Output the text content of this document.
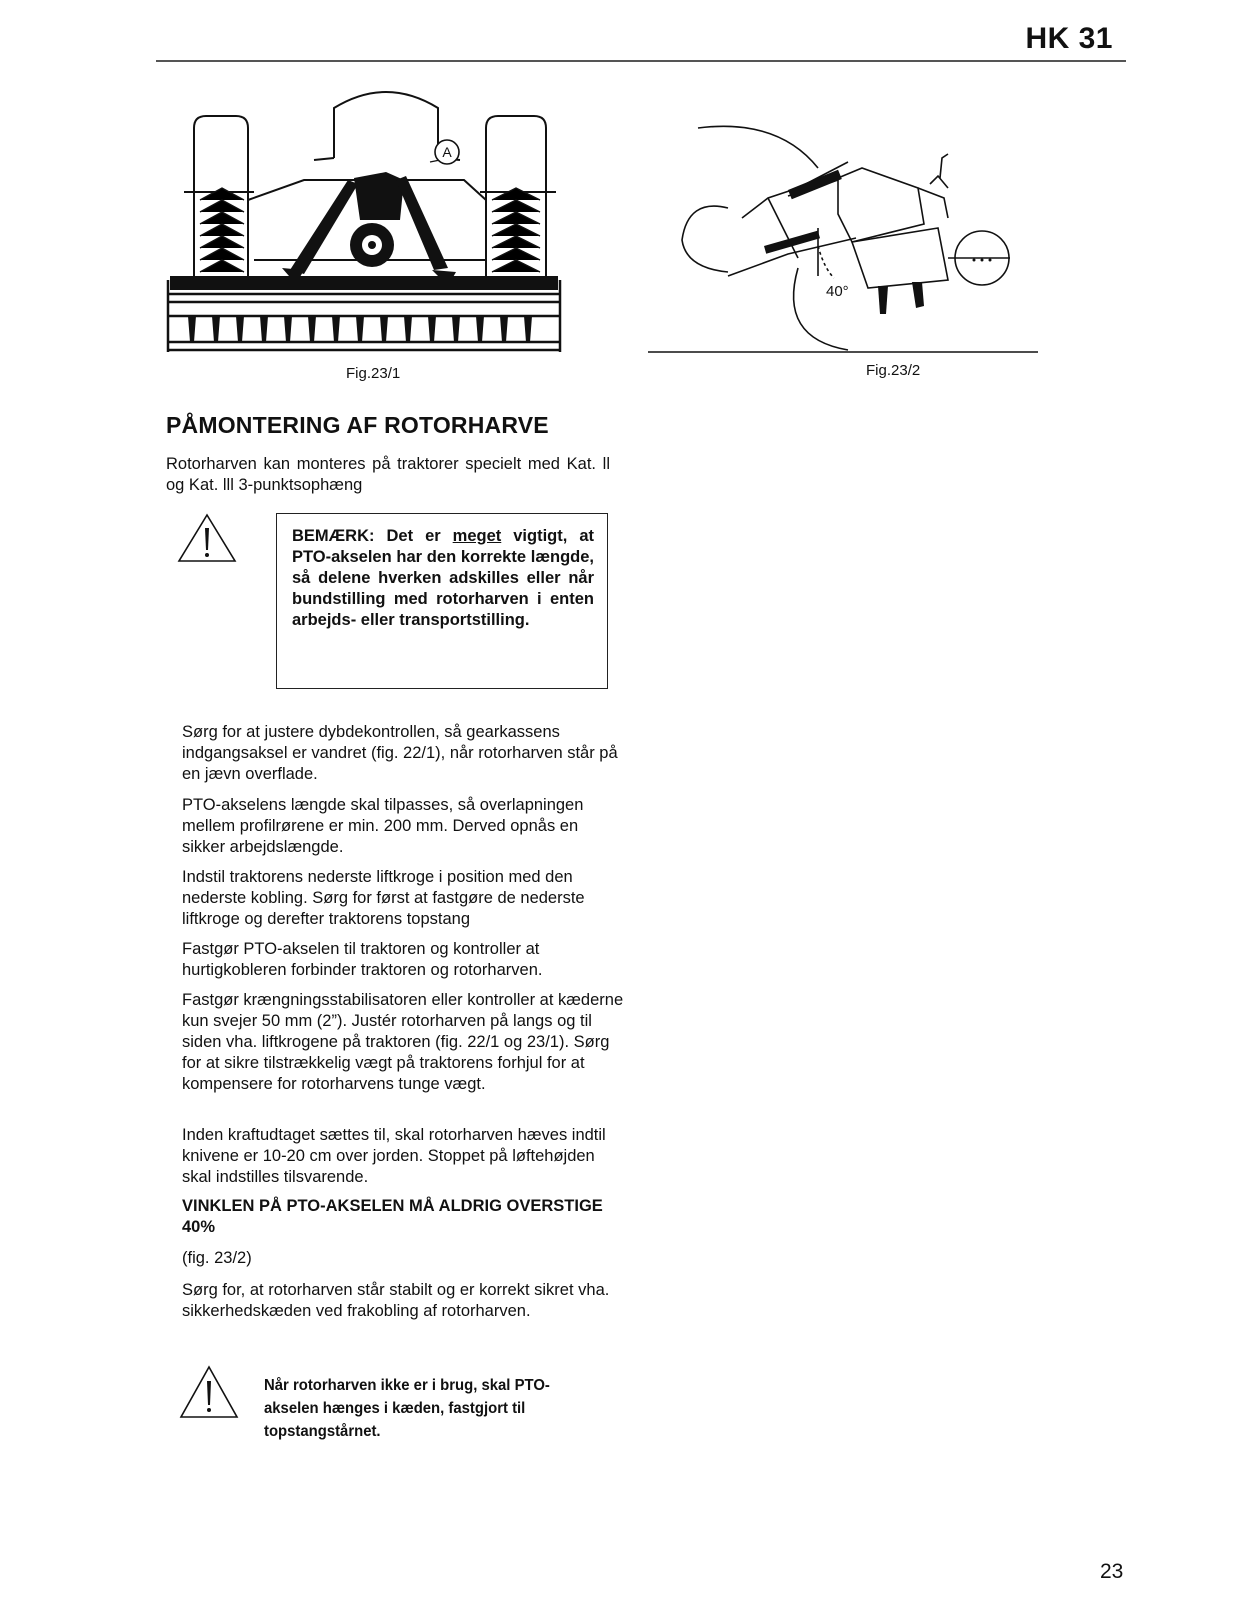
HK 31
A
Fig.23/1
40°
Fig.23/2
PÅMONTERING AF ROTORHARVE
Rotorharven kan monteres på traktorer specielt med Kat. ll og Kat. lll 3-punktsophæng
BEMÆRK: Det er meget vigtigt, at PTO-akselen har den korrekte længde, så delene hverken adskilles eller når bundstilling med rotorharven i enten arbejds- eller transportstilling.
Sørg for at justere dybdekontrollen, så gearkassens indgangsaksel er vandret (fig. 22/1), når rotorharven står på en jævn overflade.
PTO-akselens længde skal tilpasses, så overlapningen mellem profilrørene er min. 200 mm. Derved opnås en sikker arbejdslængde.
Indstil traktorens nederste liftkroge i position med den nederste kobling. Sørg for først at fastgøre de nederste liftkroge og derefter traktorens topstang
Fastgør PTO-akselen til traktoren og kontroller at hurtigkobleren forbinder traktoren og rotorharven.
Fastgør krængningsstabilisatoren eller kontroller at kæderne kun svejer 50 mm (2”). Justér rotorharven på langs og til siden vha. liftkrogene på traktoren (fig. 22/1 og 23/1). Sørg for at sikre tilstrækkelig vægt på traktorens forhjul for at kompensere for rotorharvens tunge vægt.
Inden kraftudtaget sættes til, skal rotorharven hæves indtil knivene er 10-20 cm over jorden. Stoppet på løftehøjden skal indstilles tilsvarende.
VINKLEN PÅ PTO-AKSELEN MÅ ALDRIG OVERSTIGE 40%
(fig. 23/2)
Sørg for, at rotorharven står stabilt og er korrekt sikret vha. sikkerhedskæden ved frakobling af rotorharven.
Når rotorharven ikke er i brug, skal PTO-akselen hænges i kæden, fastgjort til topstangstårnet.
23
